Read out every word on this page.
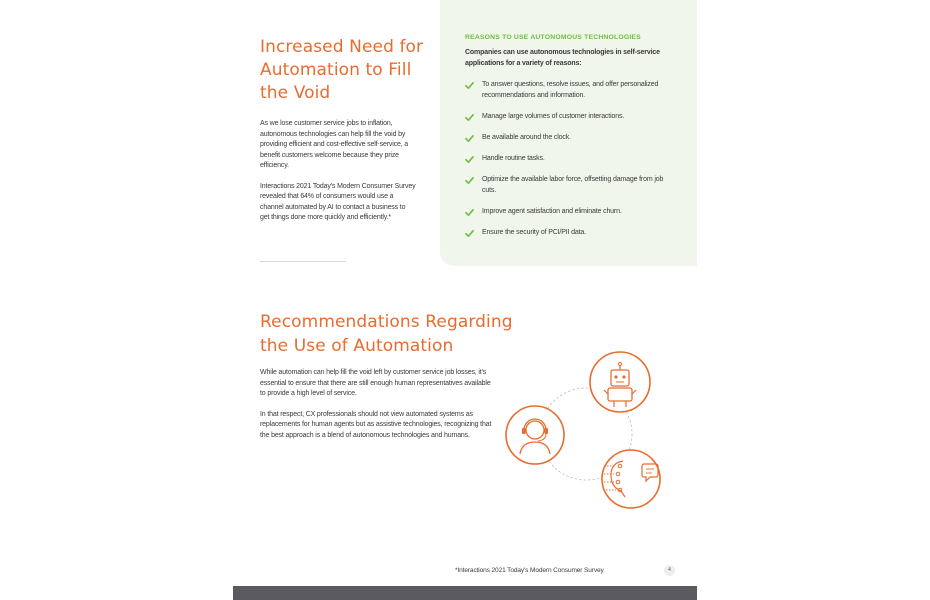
Increased Need for Automation to Fill the Void

As we lose customer service jobs to inflation, autonomous technologies can help fill the void by providing efficient and cost-effective self-service, a benefit customers welcome because they prize efficiency.

Interactions 2021 Today's Modern Consumer Survey revealed that 64% of consumers would use a channel automated by AI to contact a business to get things done more quickly and efficiently.*

REASONS TO USE AUTONOMOUS TECHNOLOGIES
Companies can use autonomous technologies in self-service applications for a variety of reasons:
To answer questions, resolve issues, and offer personalized recommendations and information.
Manage large volumes of customer interactions.
Be available around the clock.
Handle routine tasks.
Optimize the available labor force, offsetting damage from job cuts.
Improve agent satisfaction and eliminate churn.
Ensure the security of PCI/PII data.
Recommendations Regarding the Use of Automation

While automation can help fill the void left by customer service job losses, it's essential to ensure that there are still enough human representatives available to provide a high level of service.

In that respect, CX professionals should not view automated systems as replacements for human agents but as assistive technologies, recognizing that the best approach is a blend of autonomous technologies and humans.

*Interactions 2021 Today's Modern Consumer Survey	4
